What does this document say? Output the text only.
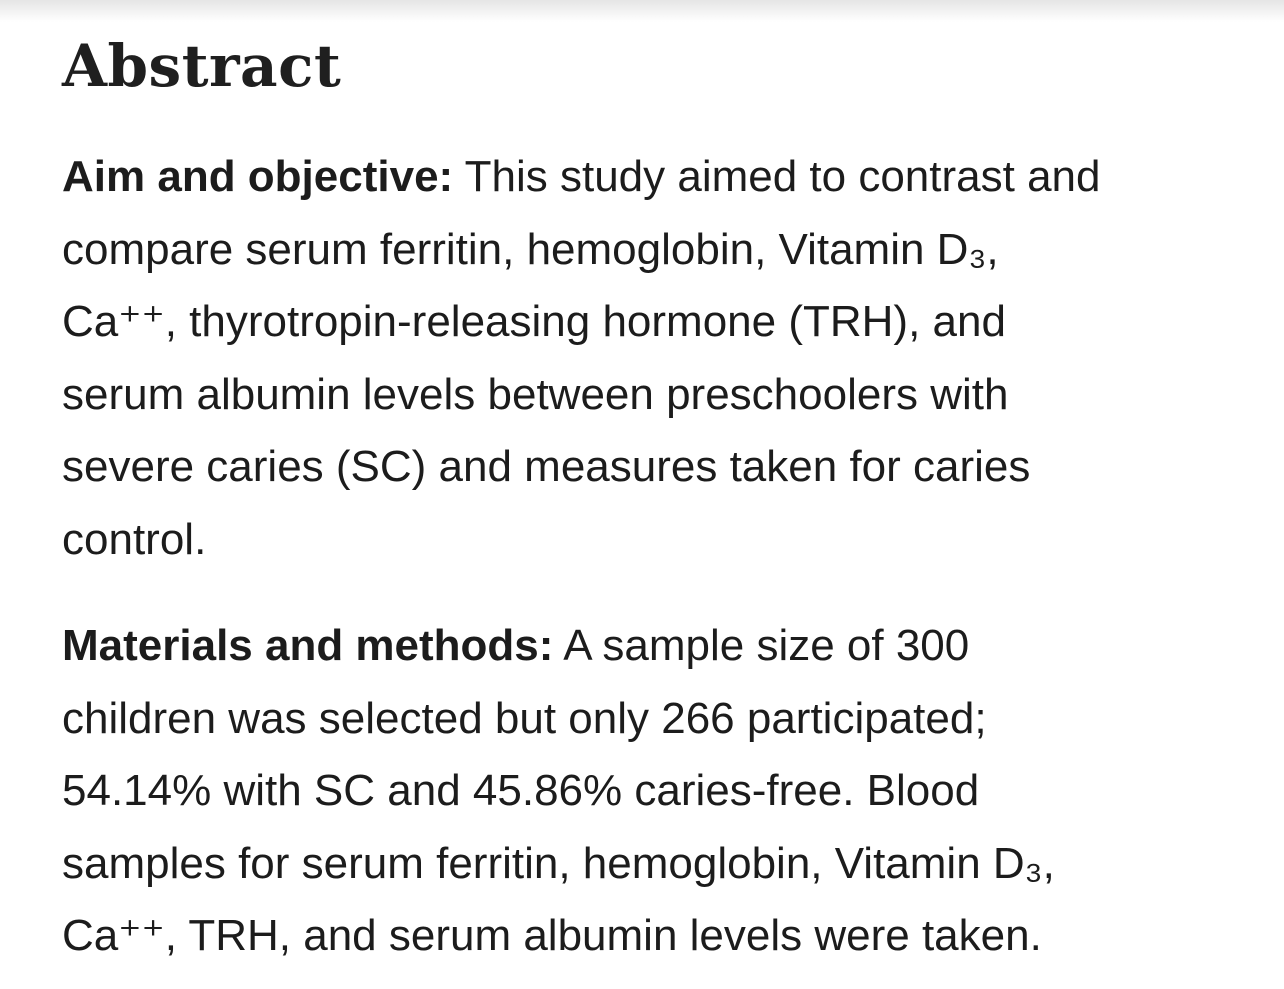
Abstract

Aim and objective: This study aimed to contrast and
compare serum ferritin, hemoglobin, Vitamin D₃,
Ca⁺⁺, thyrotropin-releasing hormone (TRH), and
serum albumin levels between preschoolers with
severe caries (SC) and measures taken for caries
control.

Materials and methods: A sample size of 300
children was selected but only 266 participated;
54.14% with SC and 45.86% caries-free. Blood
samples for serum ferritin, hemoglobin, Vitamin D₃,
Ca⁺⁺, TRH, and serum albumin levels were taken.
